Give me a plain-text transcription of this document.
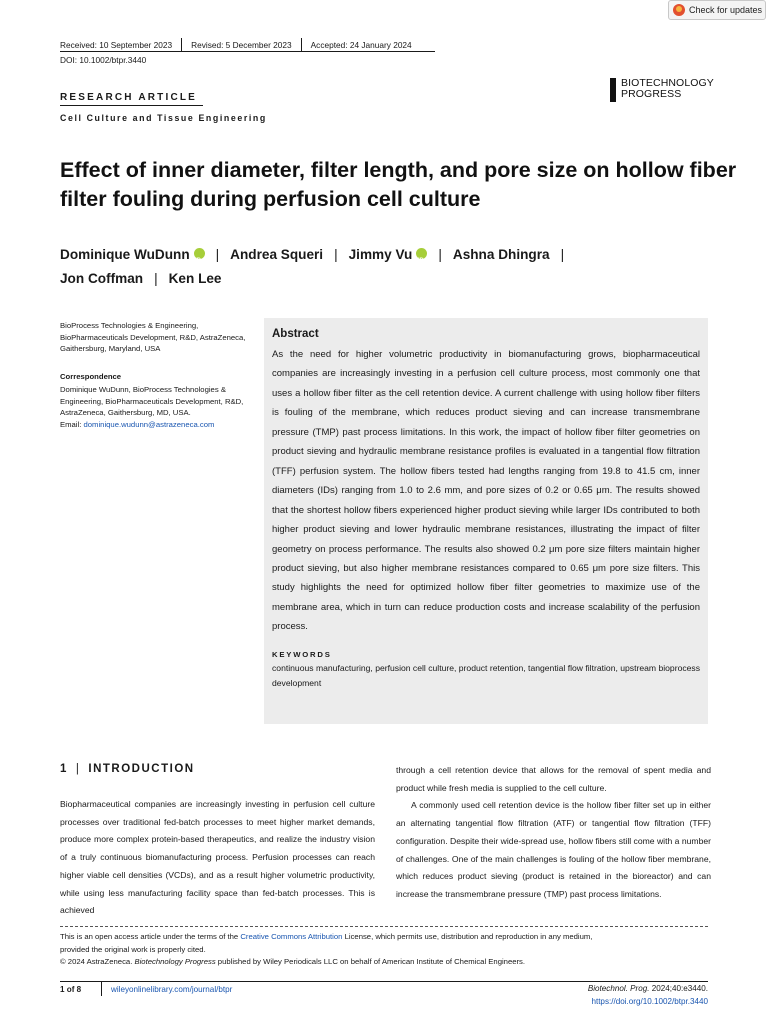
Check for updates
Received: 10 September 2023 Revised: 5 December 2023 Accepted: 24 January 2024
DOI: 10.1002/btpr.3440
BIOTECHNOLOGY
PROGRESS
RESEARCH ARTICLE
Cell Culture and Tissue Engineering
Effect of inner diameter, filter length, and pore size on hollow fiber filter fouling during perfusion cell culture
Dominique WuDunn iD | Andrea Squeri | Jimmy Vu iD | Ashna Dhingra |
Jon Coffman | Ken Lee
BioProcess Technologies & Engineering, BioPharmaceuticals Development, R&D, AstraZeneca, Gaithersburg, Maryland, USA
Correspondence
Dominique WuDunn, BioProcess Technologies & Engineering, BioPharmaceuticals Development, R&D, AstraZeneca, Gaithersburg, MD, USA.
Email: dominique.wudunn@astrazeneca.com
Abstract
As the need for higher volumetric productivity in biomanufacturing grows, biopharmaceutical companies are increasingly investing in a perfusion cell culture process, most commonly one that uses a hollow fiber filter as the cell retention device. A current challenge with using hollow fiber filters is fouling of the membrane, which reduces product sieving and can increase transmembrane pressure (TMP) past process limitations. In this work, the impact of hollow fiber filter geometries on product sieving and hydraulic membrane resistance profiles is evaluated in a tangential flow filtration (TFF) perfusion system. The hollow fibers tested had lengths ranging from 19.8 to 41.5 cm, inner diameters (IDs) ranging from 1.0 to 2.6 mm, and pore sizes of 0.2 or 0.65 μm. The results showed that the shortest hollow fibers experienced higher product sieving while larger IDs contributed to both higher product sieving and lower hydraulic membrane resistances, illustrating the impact of filter geometry on process performance. The results also showed 0.2 μm pore size filters maintain higher product sieving, but also higher membrane resistances compared to 0.65 μm pore size filters. This study highlights the need for optimized hollow fiber filter geometries to maximize use of the membrane area, which in turn can reduce production costs and increase scalability of the perfusion process.
KEYWORDS
continuous manufacturing, perfusion cell culture, product retention, tangential flow filtration, upstream bioprocess development
1 | INTRODUCTION

Biopharmaceutical companies are increasingly investing in perfusion cell culture processes over traditional fed-batch processes to meet higher market demands, produce more complex protein-based therapeutics, and realize the industry vision of a truly continuous biomanufacturing process. Perfusion processes can reach higher viable cell densities (VCDs), and as a result higher volumetric productivity, while using less manufacturing facility space than fed-batch processes. This is achieved

through a cell retention device that allows for the removal of spent media and product while fresh media is supplied to the cell culture.

A commonly used cell retention device is the hollow fiber filter set up in either an alternating tangential flow filtration (ATF) or tangential flow filtration (TFF) configuration. Despite their wide-spread use, hollow fibers still come with a number of challenges. One of the main challenges is fouling of the hollow fiber membrane, which reduces product sieving (product is retained in the bioreactor) and can increase the transmembrane pressure (TMP) past process limitations.

This is an open access article under the terms of the Creative Commons Attribution License, which permits use, distribution and reproduction in any medium,
provided the original work is properly cited.
© 2024 AstraZeneca. Biotechnology Progress published by Wiley Periodicals LLC on behalf of American Institute of Chemical Engineers.
1 of 8	wileyonlinelibrary.com/journal/btpr	Biotechnol. Prog. 2024;40:e3440.
https://doi.org/10.1002/btpr.3440
